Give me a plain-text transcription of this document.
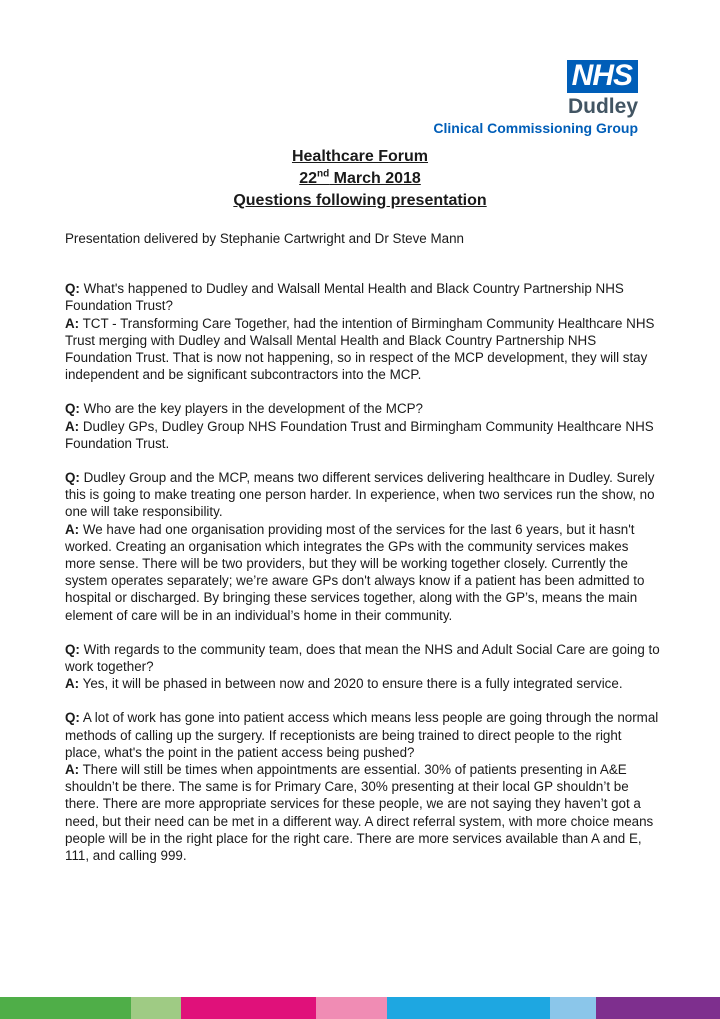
NHS
Dudley
Clinical Commissioning Group

Healthcare Forum

22nd March 2018

Questions following presentation

Presentation delivered by Stephanie Cartwright and Dr Steve Mann

Q: What's happened to Dudley and Walsall Mental Health and Black Country Partnership NHS Foundation Trust?

A: TCT - Transforming Care Together, had the intention of Birmingham Community Healthcare NHS Trust merging with Dudley and Walsall Mental Health and Black Country Partnership NHS Foundation Trust. That is now not happening, so in respect of the MCP development, they will stay independent and be significant subcontractors into the MCP.

Q: Who are the key players in the development of the MCP?

A: Dudley GPs, Dudley Group NHS Foundation Trust and Birmingham Community Healthcare NHS Foundation Trust.

Q: Dudley Group and the MCP, means two different services delivering healthcare in Dudley. Surely this is going to make treating one person harder. In experience, when two services run the show, no one will take responsibility.

A: We have had one organisation providing most of the services for the last 6 years, but it hasn't worked. Creating an organisation which integrates the GPs with the community services makes more sense. There will be two providers, but they will be working together closely. Currently the system operates separately; we’re aware GPs don't always know if a patient has been admitted to hospital or discharged. By bringing these services together, along with the GP’s, means the main element of care will be in an individual’s home in their community.

Q: With regards to the community team, does that mean the NHS and Adult Social Care are going to work together?

A: Yes, it will be phased in between now and 2020 to ensure there is a fully integrated service.

Q: A lot of work has gone into patient access which means less people are going through the normal methods of calling up the surgery. If receptionists are being trained to direct people to the right place, what's the point in the patient access being pushed?

A: There will still be times when appointments are essential. 30% of patients presenting in A&E shouldn’t be there. The same is for Primary Care, 30% presenting at their local GP shouldn’t be there. There are more appropriate services for these people, we are not saying they haven’t got a need, but their need can be met in a different way. A direct referral system, with more choice means people will be in the right place for the right care. There are more services available than A and E, 111, and calling 999.
